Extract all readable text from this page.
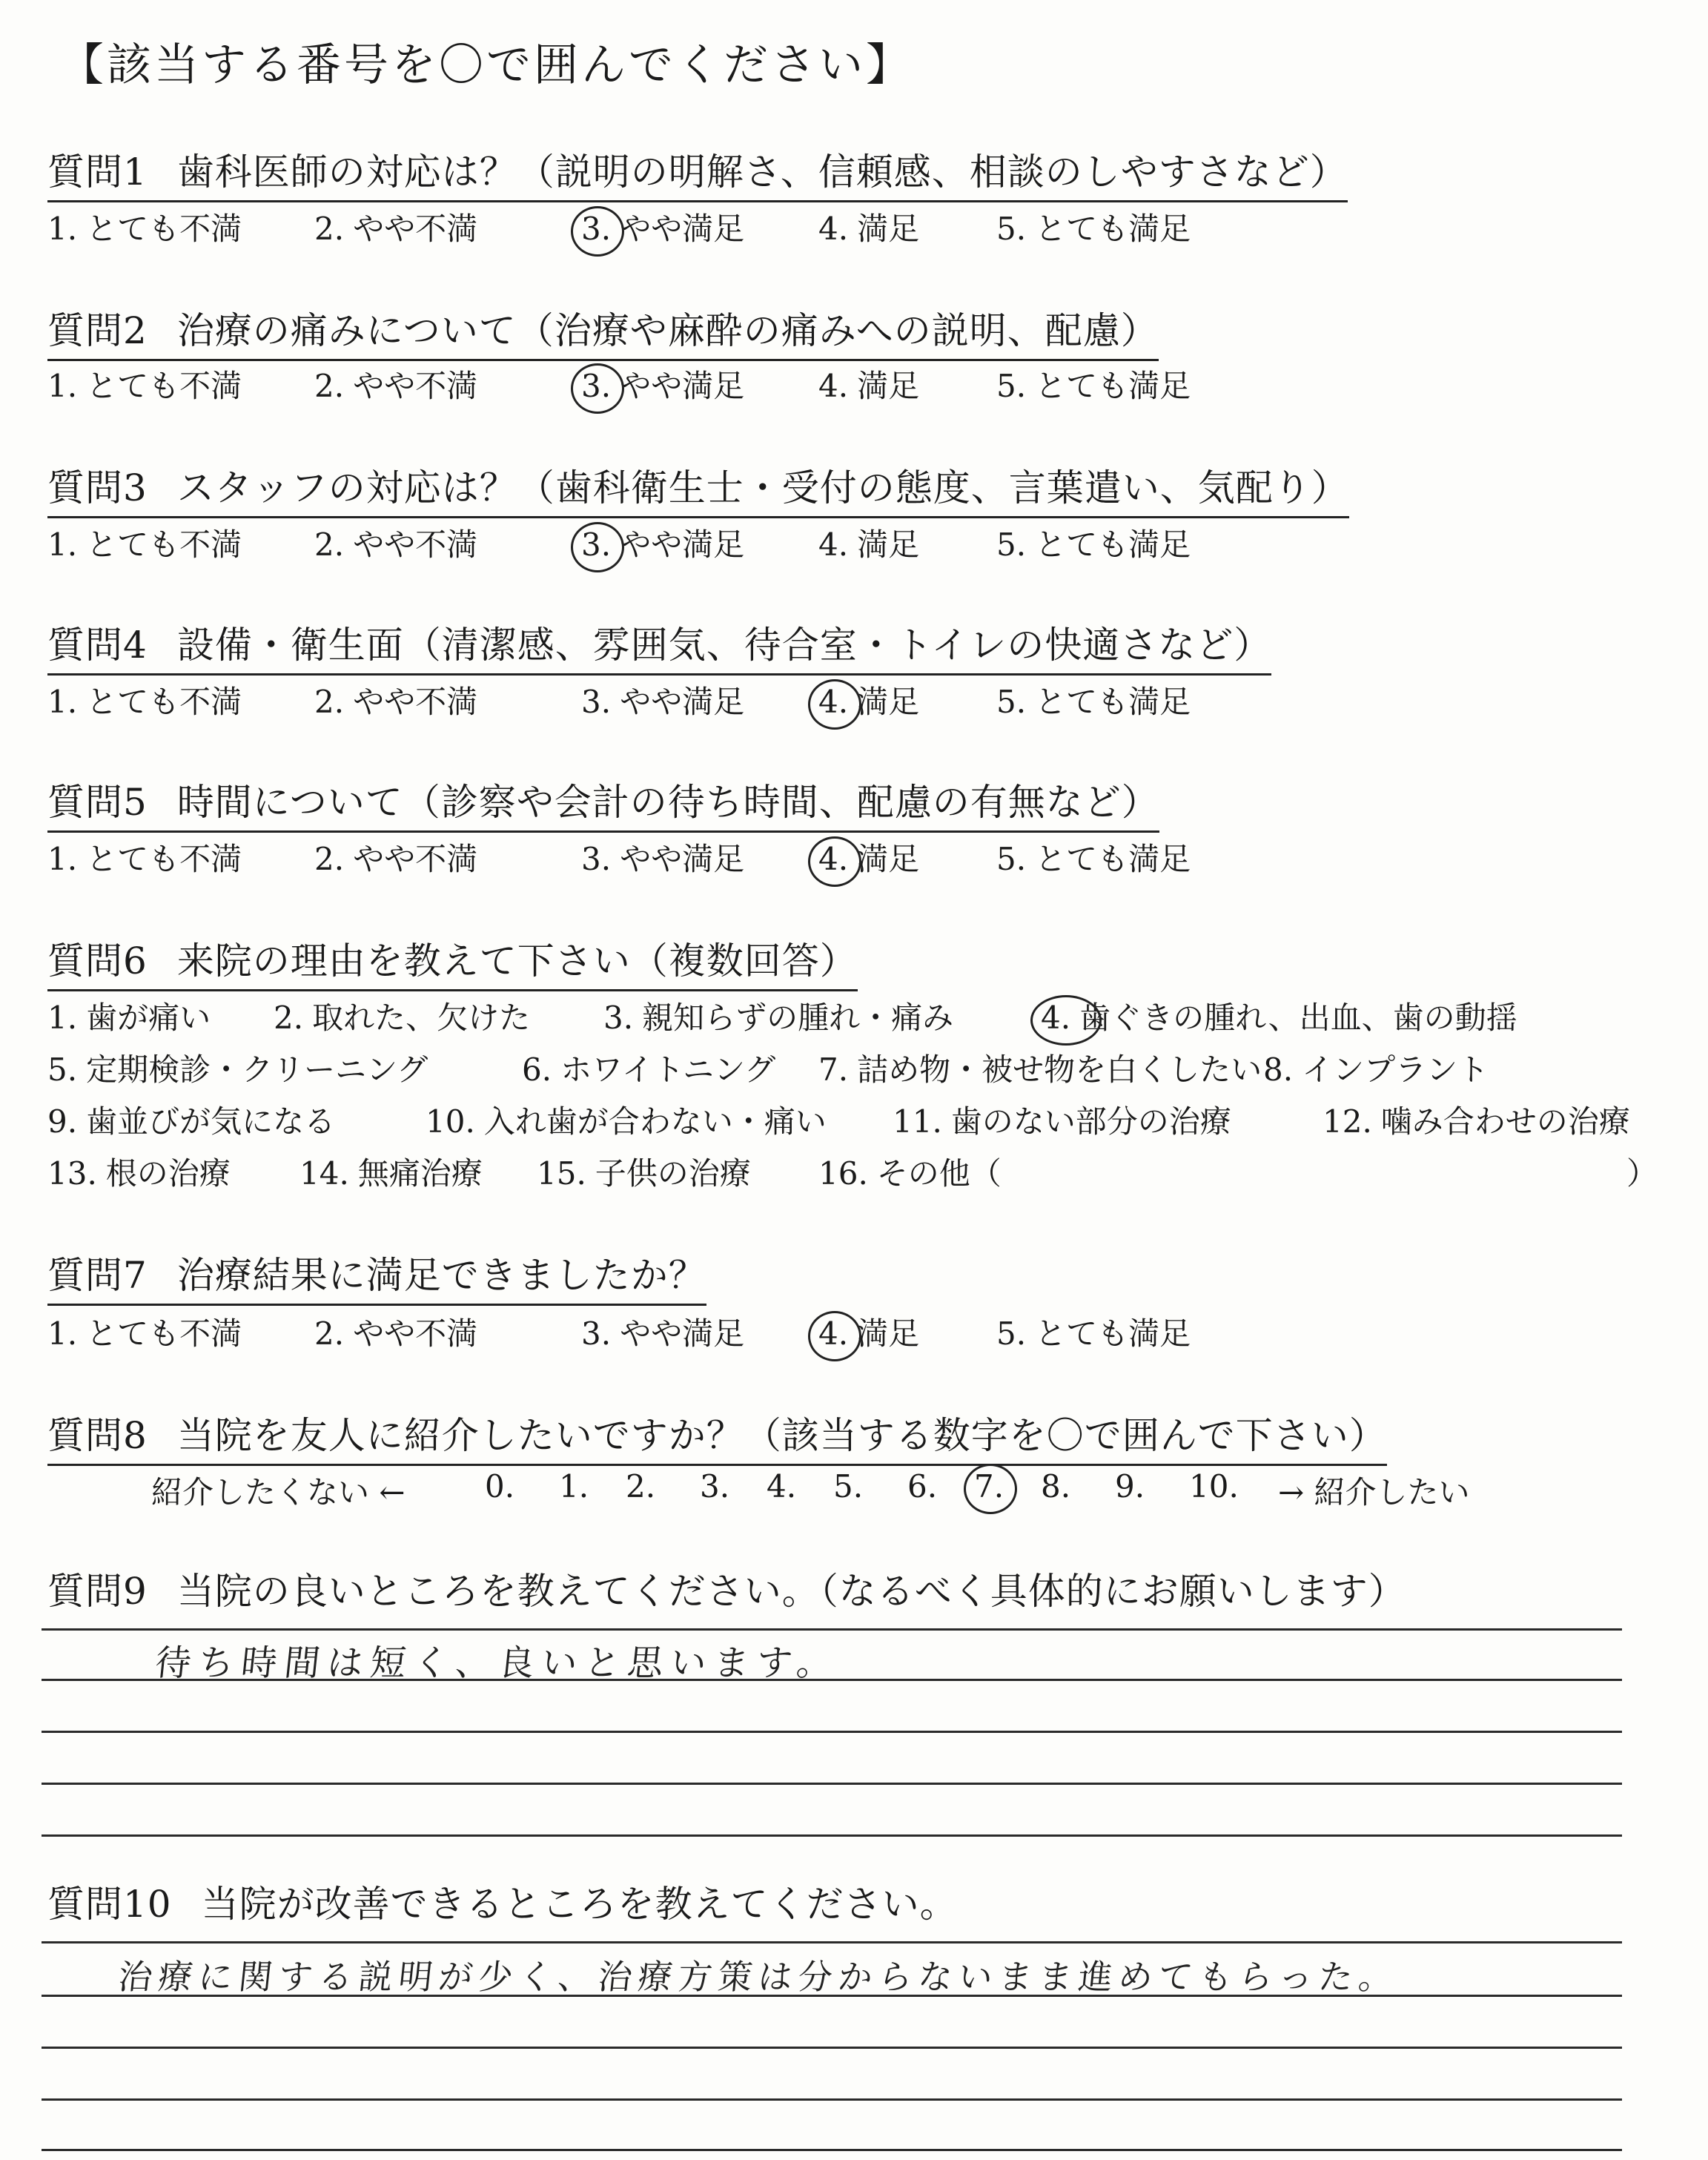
【該当する番号を〇で囲んでください】
質問1 歯科医師の対応は？（説明の明解さ、信頼感、相談のしやすさなど）
1. とても不満 2. やや不満	3. やや満足 4. 満足 5. とても満足
質問2 治療の痛みについて（治療や麻酔の痛みへの説明、配慮）
1. とても不満 2. やや不満	3. やや満足 4. 満足 5. とても満足
質問3 スタッフの対応は？（歯科衛生士・受付の態度、言葉遣い、気配り）
1. とても不満 2. やや不満	3. やや満足 4. 満足 5. とても満足
質問4 設備・衛生面（清潔感、雰囲気、待合室・トイレの快適さなど）
1. とても不満 2. やや不満	3. やや満足 4. 満足 5. とても満足
質問5 時間について（診察や会計の待ち時間、配慮の有無など）
1. とても不満 2. やや不満	3. やや満足 4. 満足 5. とても満足
質問6 来院の理由を教えて下さい（複数回答）
1. 歯が痛い 2. 取れた、欠けた 3. 親知らずの腫れ・痛み	4. 歯ぐきの腫れ、出血、歯の動揺
5. 定期検診・クリーニング	6. ホワイトニング 7. 詰め物・被せ物を白くしたい 8. インプラント
9. 歯並びが気になる	10. 入れ歯が合わない・痛い 11. 歯のない部分の治療	12. 噛み合わせの治療
13. 根の治療 14. 無痛治療 15. 子供の治療 16. その他（	）
質問7 治療結果に満足できましたか？
1. とても不満 2. やや不満	3. やや満足 4. 満足 5. とても満足
質問8 当院を友人に紹介したいですか？（該当する数字を〇で囲んで下さい）
紹介したくない ←	0. 1. 2. 3. 4. 5. 6. 7. 8. 9. 10. → 紹介したい
質問9 当院の良いところを教えてください。（なるべく具体的にお願いします）
待ち時間は短く、良いと思います。
質問10 当院が改善できるところを教えてください。
治療に関する説明が少く、治療方策は分からないまま進めてもらった。
